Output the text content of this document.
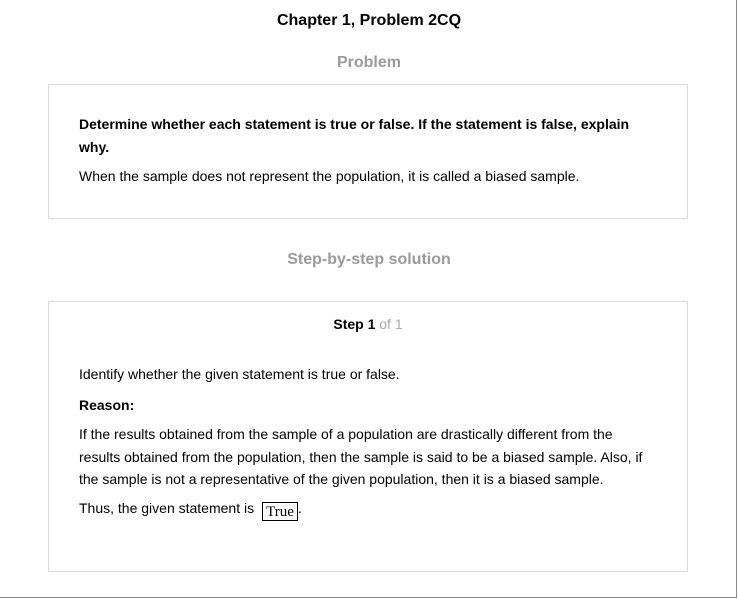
Chapter 1, Problem 2CQ
Problem

Determine whether each statement is true or false. If the statement is false, explain why.

When the sample does not represent the population, it is called a biased sample.

Step-by-step solution
Step 1 of 1

Identify whether the given statement is true or false.

Reason:

If the results obtained from the sample of a population are drastically different from the results obtained from the population, then the sample is said to be a biased sample. Also, if the sample is not a representative of the given population, then it is a biased sample.

Thus, the given statement is True .
